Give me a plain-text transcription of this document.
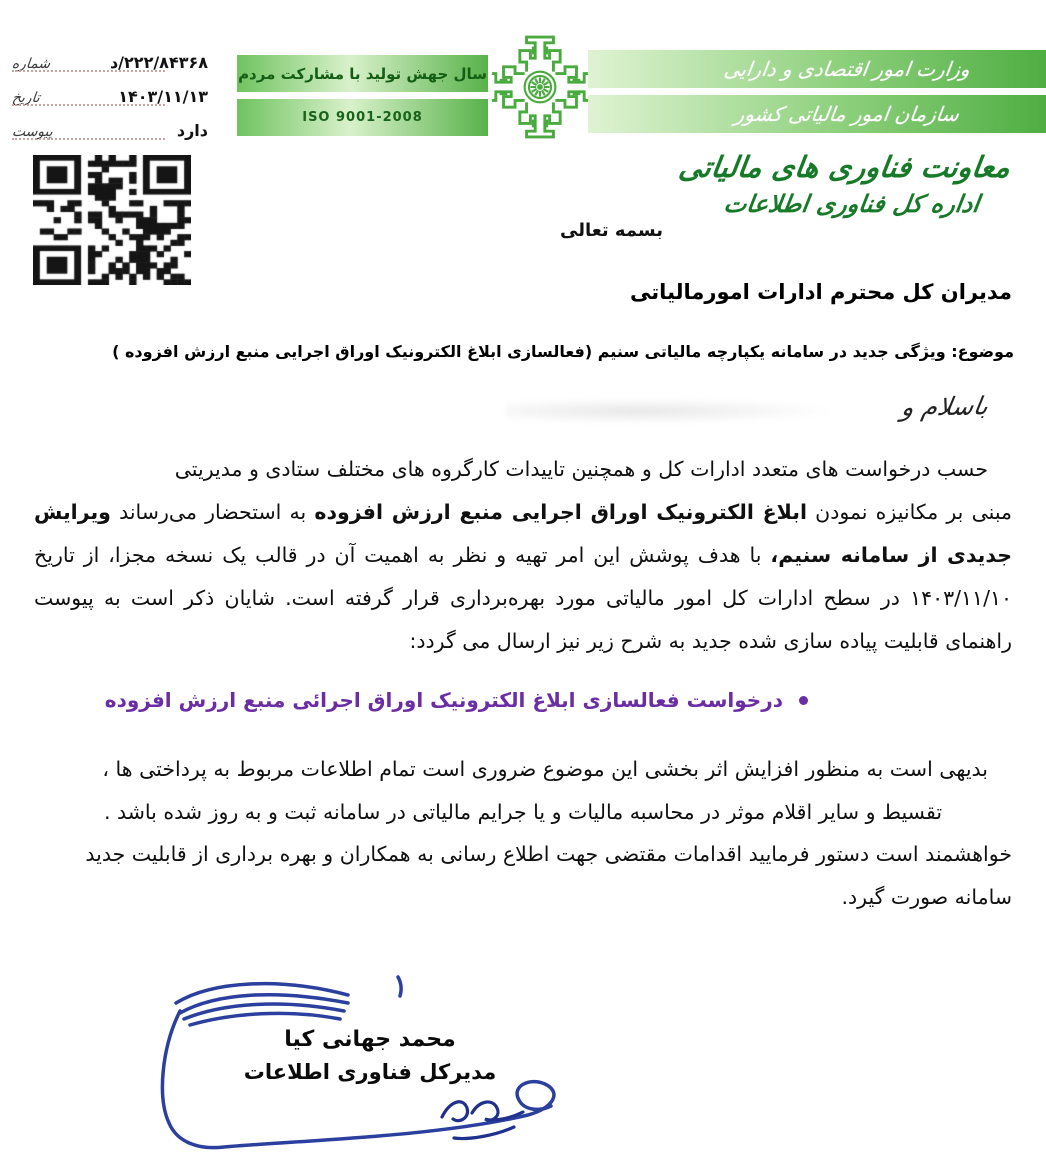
۲۲۲/۸۴۳۶۸/د
شماره
۱۴۰۳/۱۱/۱۳
تاریخ
دارد
پیوست
سال جهش تولید با مشارکت مردم
ISO 9001-2008
وزارت امور اقتصادی و دارایی
سازمان امور مالیاتی کشور
معاونت فناوری های مالیاتی
اداره کل فناوری اطلاعات
بسمه تعالی
مدیران کل محترم ادارات امورمالیاتی
موضوع: ویژگی جدید در سامانه یکپارچه مالیاتی سنیم (فعالسازی ابلاغ الکترونیک اوراق اجرایی منبع ارزش افزوده )
باسلام و
حسب درخواست های متعدد ادارات کل و همچنین تاییدات کارگروه های مختلف ستادی و مدیریتی
مبنی بر مکانیزه نمودن ابلاغ الکترونیک اوراق اجرایی منبع ارزش افزوده به استحضار می‌رساند ویرایش
جدیدی از سامانه سنیم، با هدف پوشش این امر تهیه و نظر به اهمیت آن در قالب یک نسخه مجزا، از تاریخ
۱۴۰۳/۱۱/۱۰ در سطح ادارات کل امور مالیاتی مورد بهره‌برداری قرار گرفته است. شایان ذکر است به پیوست
راهنمای قابلیت پیاده سازی شده جدید به شرح زیر نیز ارسال می گردد:
درخواست فعالسازی ابلاغ الکترونیک اوراق اجرائی منبع ارزش افزوده
بدیهی است به منظور افزایش اثر بخشی این موضوع ضروری است تمام اطلاعات مربوط به پرداختی ها ،
تقسیط و سایر اقلام موثر در محاسبه مالیات و یا جرایم مالیاتی در سامانه ثبت و به روز شده باشد .
خواهشمند است دستور فرمایید اقدامات مقتضی جهت اطلاع رسانی به همکاران و بهره برداری از قابلیت جدید
سامانه صورت گیرد.
محمد جهانی کیا
مدیرکل فناوری اطلاعات
